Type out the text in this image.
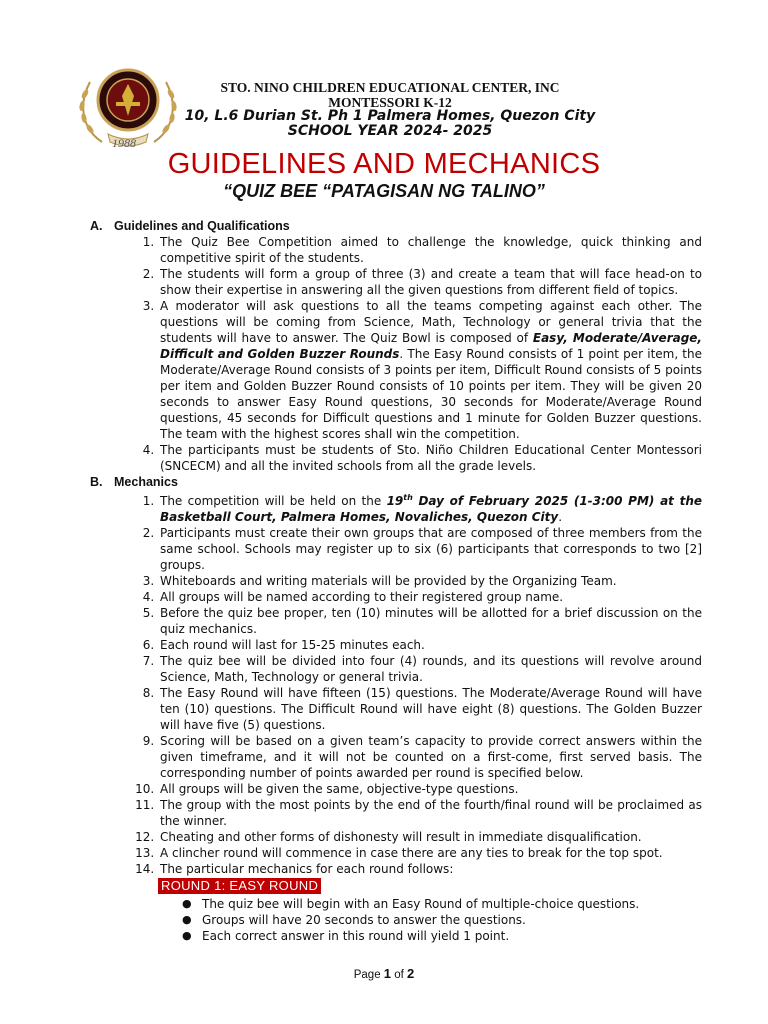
1988
STO. NINO CHILDREN EDUCATIONAL CENTER, INC
MONTESSORI K-12
10, L.6 Durian St. Ph 1 Palmera Homes, Quezon City
SCHOOL YEAR 2024- 2025
GUIDELINES AND MECHANICS
“QUIZ BEE “PATAGISAN NG TALINO”
A. Guidelines and Qualifications
1. The Quiz Bee Competition aimed to challenge the knowledge, quick thinking and competitive spirit of the students.
2. The students will form a group of three (3) and create a team that will face head-on to show their expertise in answering all the given questions from different field of topics.
3. A moderator will ask questions to all the teams competing against each other. The questions will be coming from Science, Math, Technology or general trivia that the students will have to answer. The Quiz Bowl is composed of Easy, Moderate/Average, Difficult and Golden Buzzer Rounds. The Easy Round consists of 1 point per item, the Moderate/Average Round consists of 3 points per item, Difficult Round consists of 5 points per item and Golden Buzzer Round consists of 10 points per item. They will be given 20 seconds to answer Easy Round questions, 30 seconds for Moderate/Average Round questions, 45 seconds for Difficult questions and 1 minute for Golden Buzzer questions. The team with the highest scores shall win the competition.
4. The participants must be students of Sto. Niño Children Educational Center Montessori (SNCECM) and all the invited schools from all the grade levels.
B. Mechanics
1. The competition will be held on the 19th Day of February 2025 (1-3:00 PM) at the Basketball Court, Palmera Homes, Novaliches, Quezon City.
2. Participants must create their own groups that are composed of three members from the same school. Schools may register up to six (6) participants that corresponds to two [2] groups.
3. Whiteboards and writing materials will be provided by the Organizing Team.
4. All groups will be named according to their registered group name.
5. Before the quiz bee proper, ten (10) minutes will be allotted for a brief discussion on the quiz mechanics.
6. Each round will last for 15-25 minutes each.
7. The quiz bee will be divided into four (4) rounds, and its questions will revolve around Science, Math, Technology or general trivia.
8. The Easy Round will have fifteen (15) questions. The Moderate/Average Round will have ten (10) questions. The Difficult Round will have eight (8) questions. The Golden Buzzer will have five (5) questions.
9. Scoring will be based on a given team’s capacity to provide correct answers within the given timeframe, and it will not be counted on a first-come, first served basis. The corresponding number of points awarded per round is specified below.
10. All groups will be given the same, objective-type questions.
11. The group with the most points by the end of the fourth/final round will be proclaimed as the winner.
12. Cheating and other forms of dishonesty will result in immediate disqualification.
13. A clincher round will commence in case there are any ties to break for the top spot.
14. The particular mechanics for each round follows:
ROUND 1: EASY ROUND
● The quiz bee will begin with an Easy Round of multiple-choice questions.
● Groups will have 20 seconds to answer the questions.
● Each correct answer in this round will yield 1 point.
Page 1 of 2
